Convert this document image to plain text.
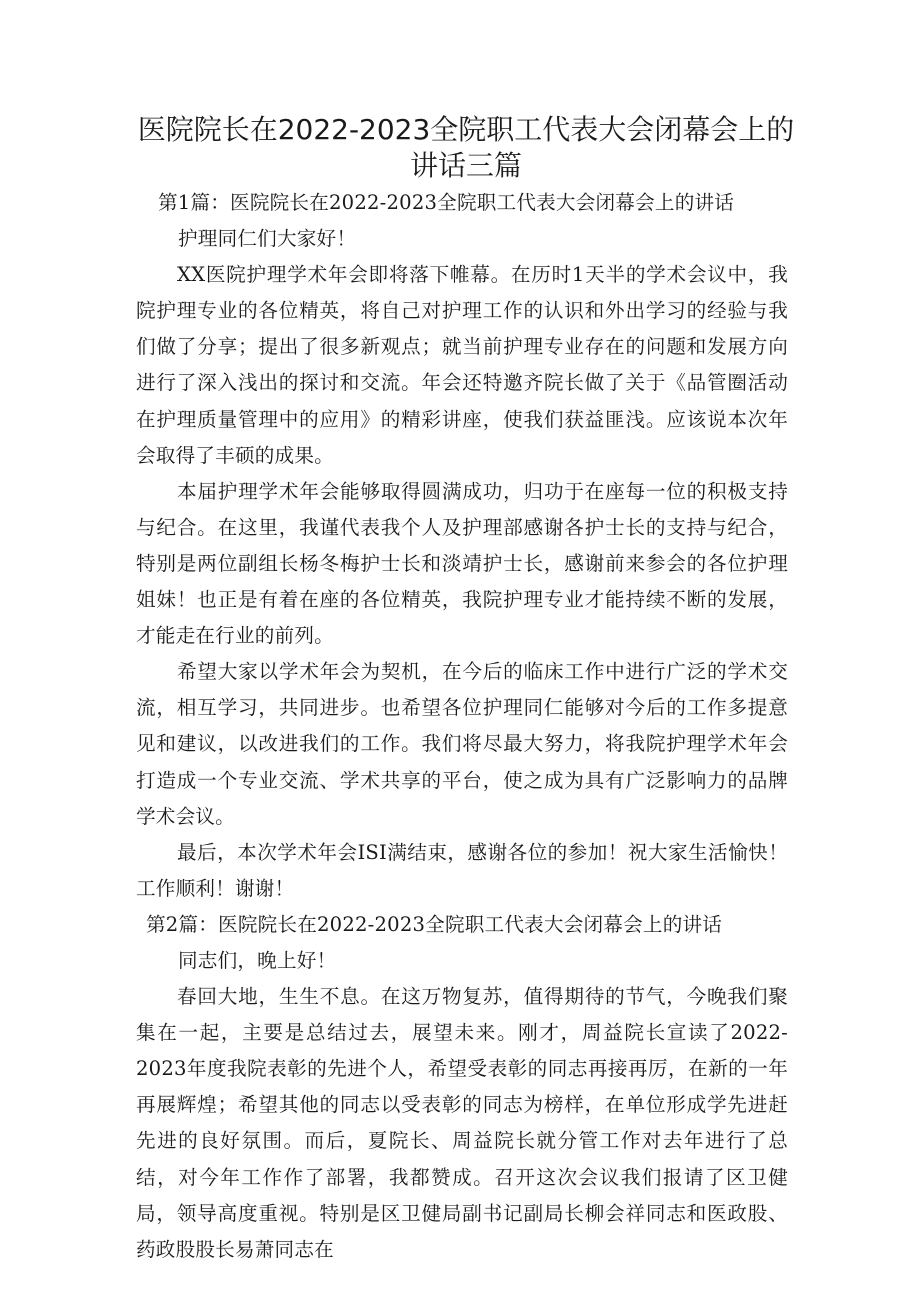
医院院长在2022-2023全院职工代表大会闭幕会上的讲话三篇

第1篇：医院院长在2022-2023全院职工代表大会闭幕会上的讲话

护理同仁们大家好！

XX医院护理学术年会即将落下帷幕。在历时1天半的学术会议中，我院护理专业的各位精英，将自己对护理工作的认识和外出学习的经验与我们做了分享；提出了很多新观点；就当前护理专业存在的问题和发展方向进行了深入浅出的探讨和交流。年会还特邀齐院长做了关于《品管圈活动在护理质量管理中的应用》的精彩讲座，使我们获益匪浅。应该说本次年会取得了丰硕的成果。

本届护理学术年会能够取得圆满成功，归功于在座每一位的积极支持与纪合。在这里，我谨代表我个人及护理部感谢各护士长的支持与纪合，特别是两位副组长杨冬梅护士长和淡靖护士长，感谢前来参会的各位护理姐妹！也正是有着在座的各位精英，我院护理专业才能持续不断的发展，才能走在行业的前列。

希望大家以学术年会为契机，在今后的临床工作中进行广泛的学术交流，相互学习，共同进步。也希望各位护理同仁能够对今后的工作多提意见和建议，以改进我们的工作。我们将尽最大努力，将我院护理学术年会打造成一个专业交流、学术共享的平台，使之成为具有广泛影响力的品牌学术会议。

最后，本次学术年会ISI满结束，感谢各位的参加！祝大家生活愉快！工作顺利！谢谢！

第2篇：医院院长在2022-2023全院职工代表大会闭幕会上的讲话

同志们，晚上好！

春回大地，生生不息。在这万物复苏，值得期待的节气，今晚我们聚集在一起，主要是总结过去，展望未来。刚才，周益院长宣读了2022-2023年度我院表彰的先进个人，希望受表彰的同志再接再厉，在新的一年再展辉煌；希望其他的同志以受表彰的同志为榜样，在单位形成学先进赶先进的良好氛围。而后，夏院长、周益院长就分管工作对去年进行了总结，对今年工作作了部署，我都赞成。召开这次会议我们报请了区卫健局，领导高度重视。特别是区卫健局副书记副局长柳会祥同志和医政股、药政股股长易萧同志在
